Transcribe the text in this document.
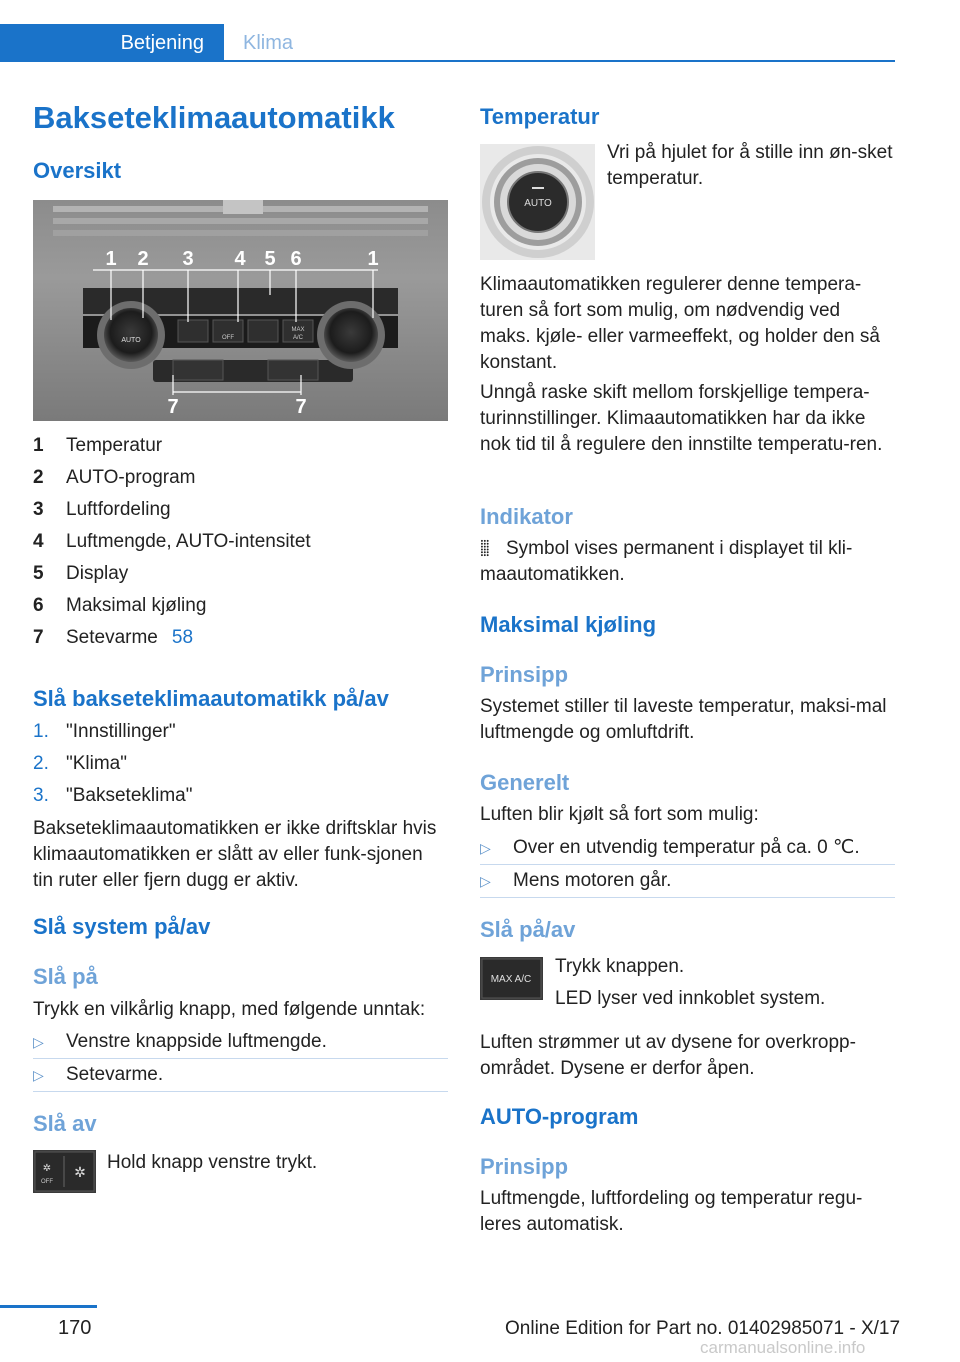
Betjening	Klima
Bakseteklimaautomatikk
Oversikt
AUTO	OFF
MAX
A/C
1 2 3 4 5 6	1
7	7
1 Temperatur
2 AUTO-program
3 Luftfordeling
4 Luftmengde, AUTO-intensitet
5 Display
6 Maksimal kjøling
7 Setevarme 58
Slå bakseteklimaautomatikk på/av
1. "Innstillinger"
2. "Klima"
3. "Bakseteklima"
Bakseteklimaautomatikken er ikke driftsklar hvis klimaautomatikken er slått av eller funk-sjonen tin ruter eller fjern dugg er aktiv.
Slå system på/av
Slå på
Trykk en vilkårlig knapp, med følgende unntak:
▷ Venstre knappside luftmengde.
▷ Setevarme.
Slå av
✲
OFF
✲ Hold knapp venstre trykt.
Temperatur
AUTO
Vri på hjulet for å stille inn øn-sket temperatur.
Klimaautomatikken regulerer denne tempera-turen så fort som mulig, om nødvendig ved maks. kjøle- eller varmeeffekt, og holder den så konstant.
Unngå raske skift mellom forskjellige tempera-turinnstillinger. Klimaautomatikken har da ikke nok tid til å regulere den innstilte temperatu-ren.
Indikator
⸽⸽⸽ Symbol vises permanent i displayet til kli-maautomatikken.
Maksimal kjøling
Prinsipp
Systemet stiller til laveste temperatur, maksi-mal luftmengde og omluftdrift.
Generelt
Luften blir kjølt så fort som mulig:
▷ Over en utvendig temperatur på ca. 0 ℃.
▷ Mens motoren går.
Slå på/av
MAX A/C
Trykk knappen.
LED lyser ved innkoblet system.
Luften strømmer ut av dysene for overkropp-området. Dysene er derfor åpen.
AUTO-program
Prinsipp
Luftmengde, luftfordeling og temperatur regu-leres automatisk.
170	Online Edition for Part no. 01402985071 - X/17
carmanualsonline.info
